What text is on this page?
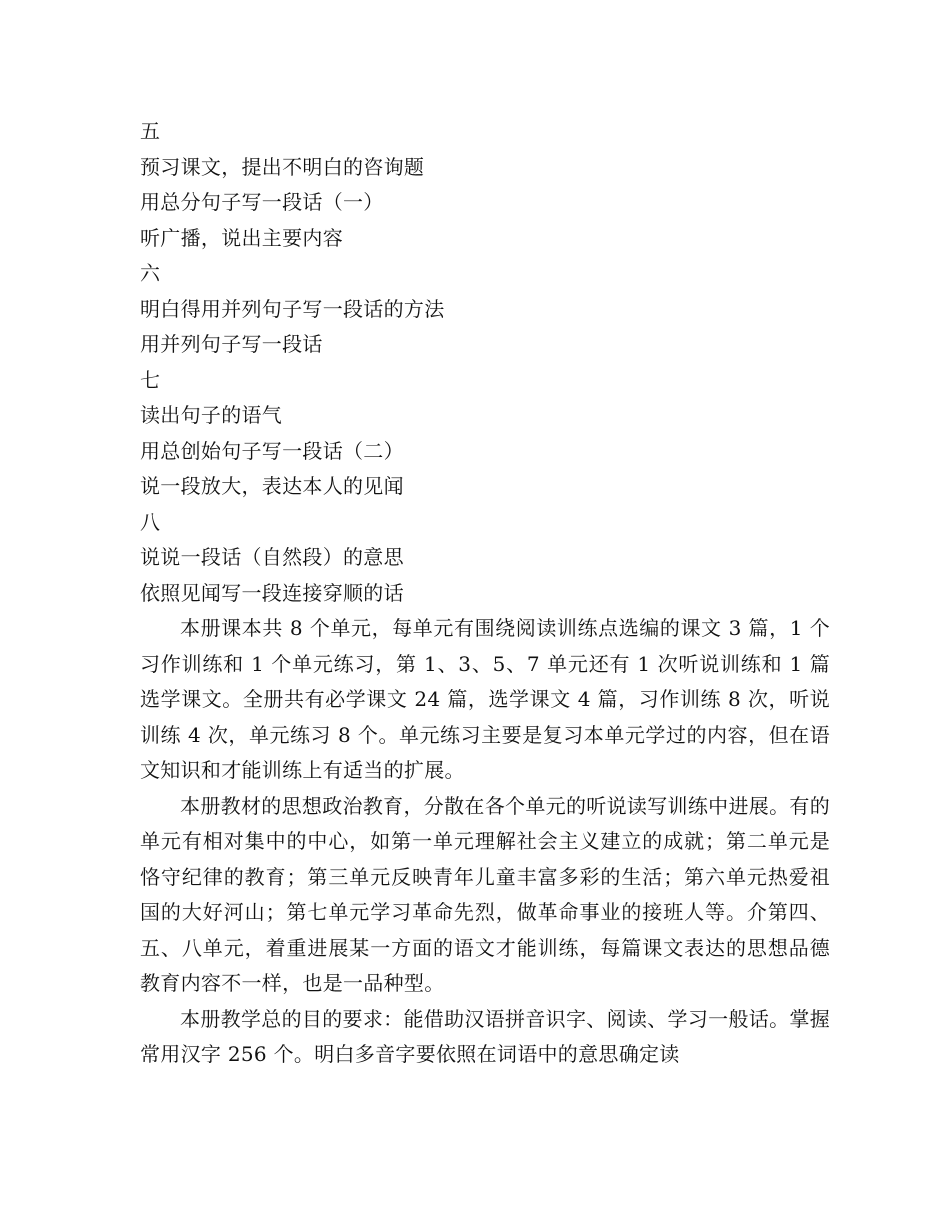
五
预习课文，提出不明白的咨询题
用总分句子写一段话（一）
听广播，说出主要内容
六
明白得用并列句子写一段话的方法
用并列句子写一段话
七
读出句子的语气
用总创始句子写一段话（二）
说一段放大，表达本人的见闻
八
说说一段话（自然段）的意思
依照见闻写一段连接穿顺的话

本册课本共 8 个单元，每单元有围绕阅读训练点选编的课文 3 篇，1 个习作训练和 1 个单元练习，第 1、3、5、7 单元还有 1 次听说训练和 1 篇选学课文。全册共有必学课文 24 篇，选学课文 4 篇，习作训练 8 次，听说训练 4 次，单元练习 8 个。单元练习主要是复习本单元学过的内容，但在语文知识和才能训练上有适当的扩展。

本册教材的思想政治教育，分散在各个单元的听说读写训练中进展。有的单元有相对集中的中心，如第一单元理解社会主义建立的成就；第二单元是恪守纪律的教育；第三单元反映青年儿童丰富多彩的生活；第六单元热爱祖国的大好河山；第七单元学习革命先烈，做革命事业的接班人等。介第四、五、八单元，着重进展某一方面的语文才能训练，每篇课文表达的思想品德教育内容不一样，也是一品种型。

本册教学总的目的要求：能借助汉语拼音识字、阅读、学习一般话。掌握常用汉字 256 个。明白多音字要依照在词语中的意思确定读
